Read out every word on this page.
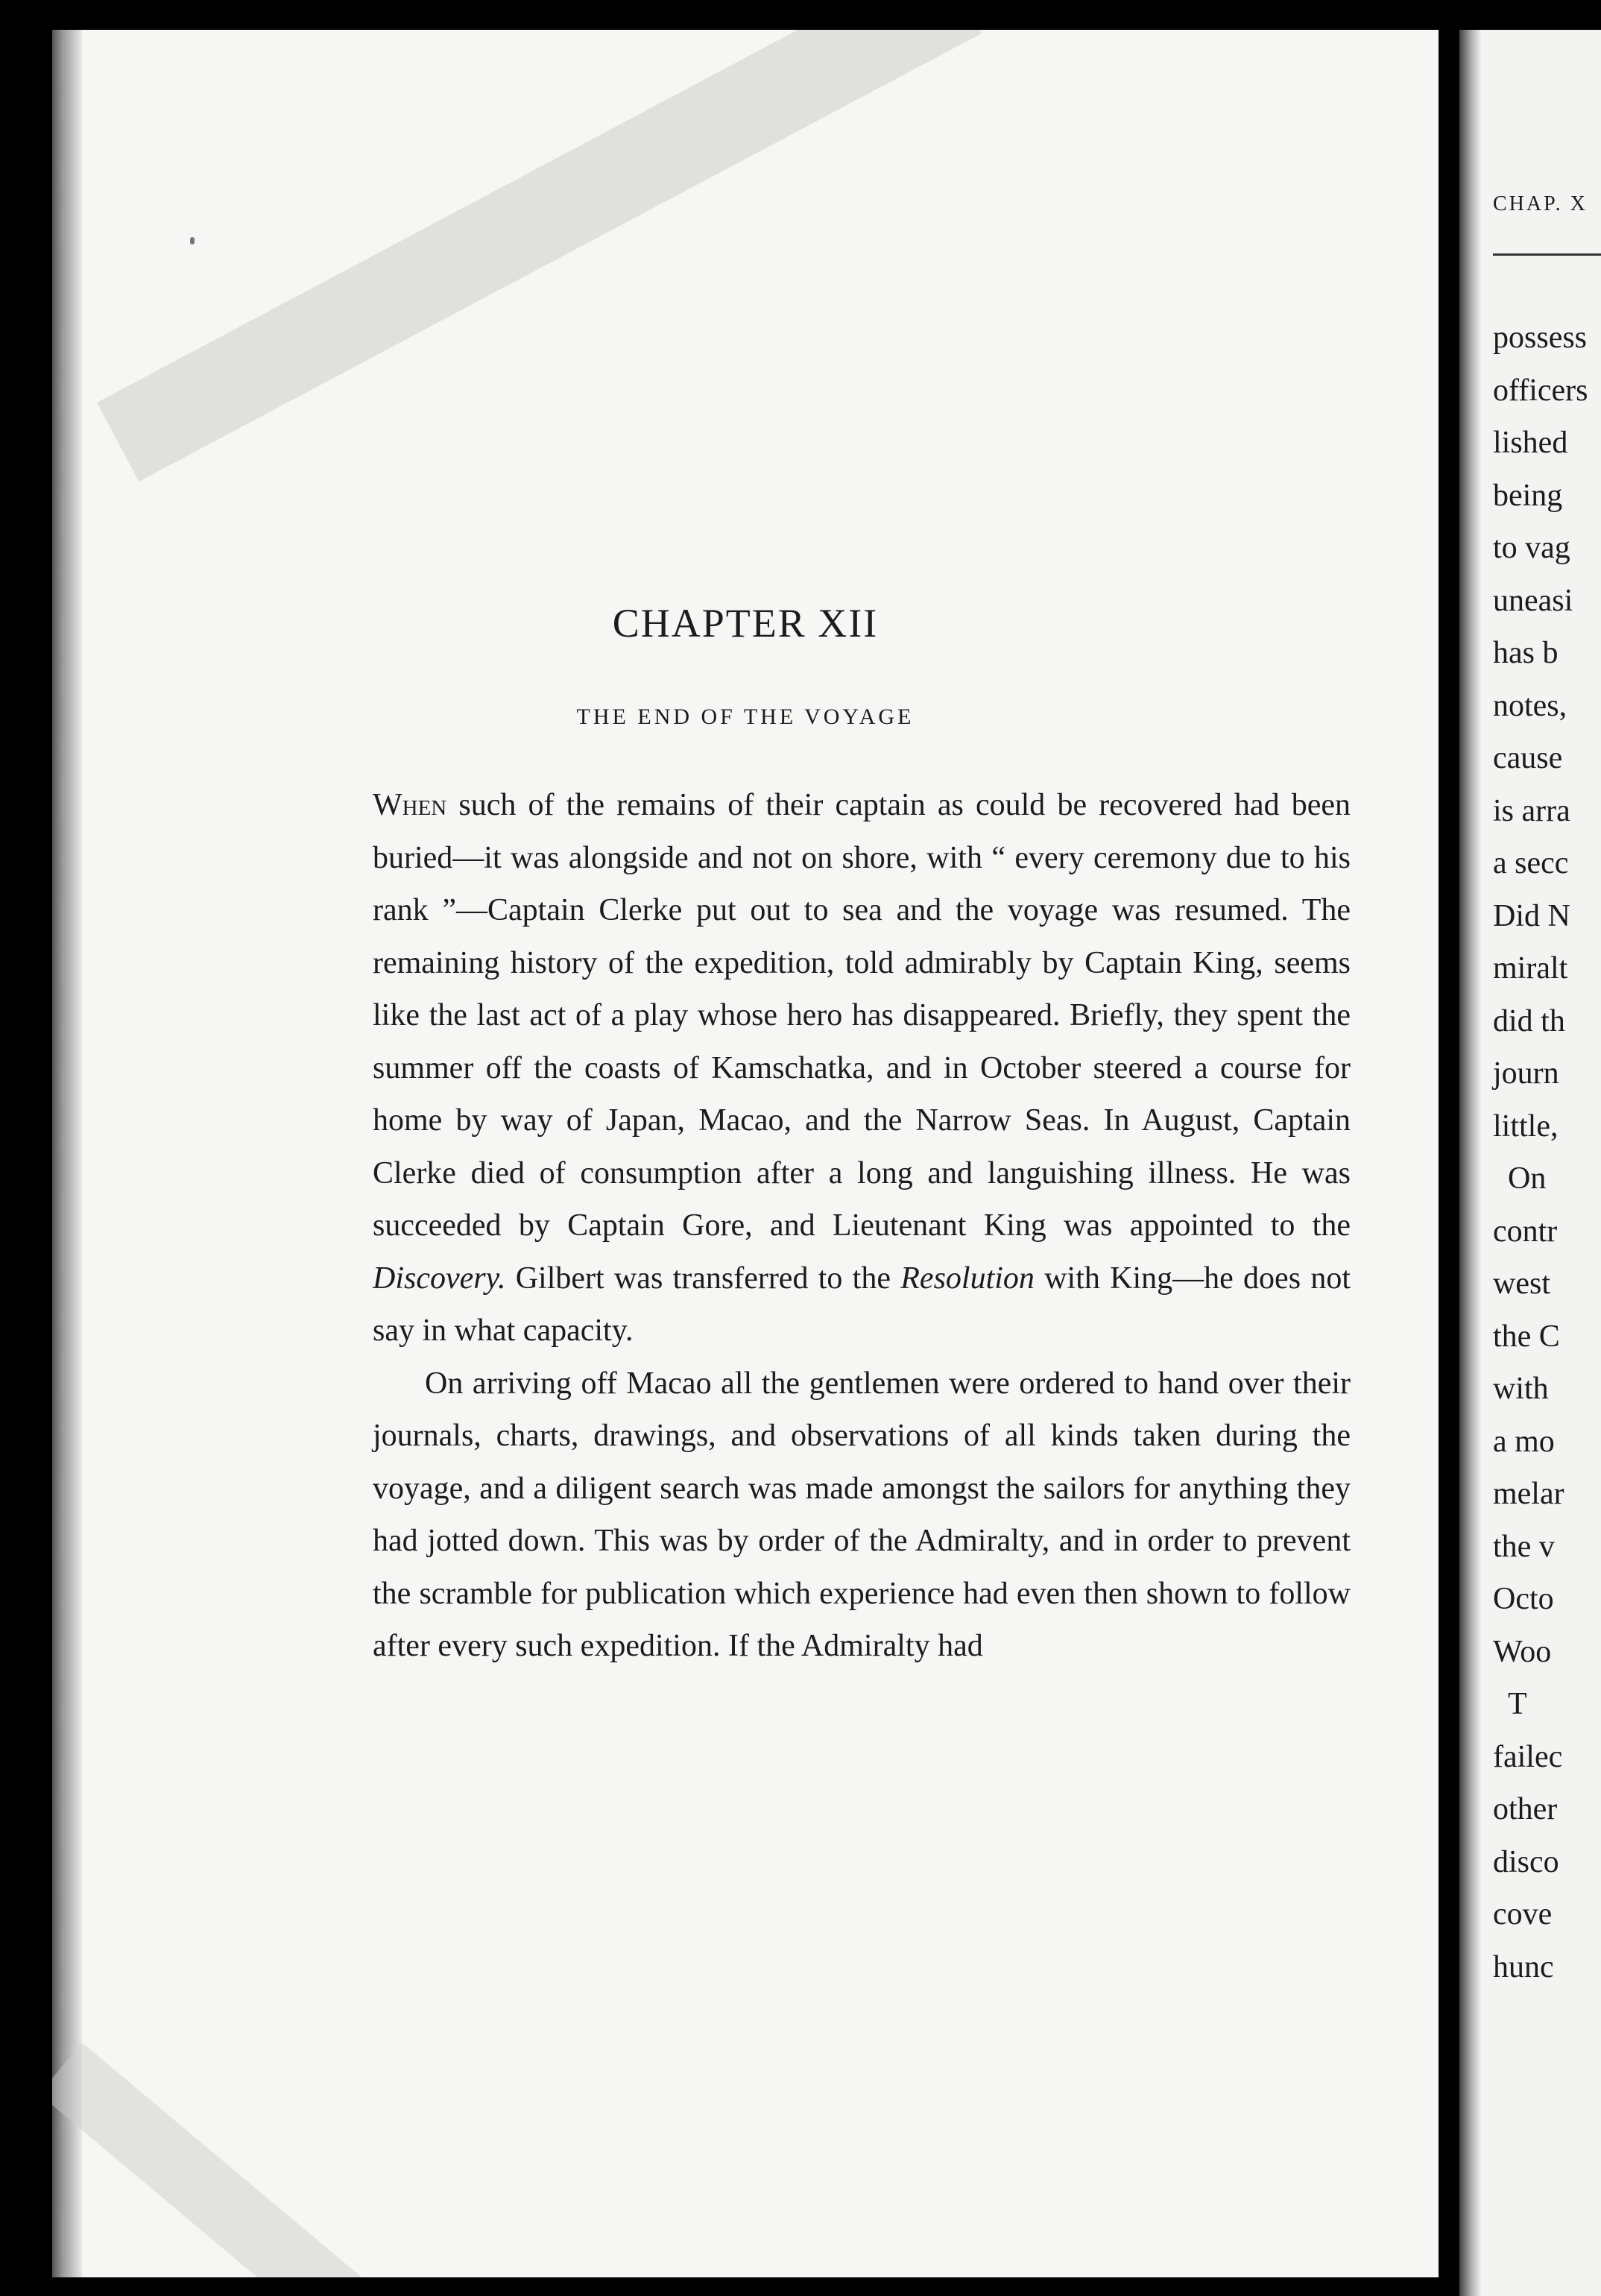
CHAPTER XII
THE END OF THE VOYAGE

When such of the remains of their captain as could be recovered had been buried—it was alongside and not on shore, with “ every ceremony due to his rank ”—Captain Clerke put out to sea and the voyage was resumed. The remaining history of the expedition, told admirably by Captain King, seems like the last act of a play whose hero has disappeared. Briefly, they spent the summer off the coasts of Kamschatka, and in October steered a course for home by way of Japan, Macao, and the Narrow Seas. In August, Captain Clerke died of consumption after a long and languishing illness. He was succeeded by Captain Gore, and Lieutenant King was appointed to the Discovery. Gilbert was transferred to the Resolution with King—he does not say in what capacity.

On arriving off Macao all the gentlemen were ordered to hand over their journals, charts, drawings, and observations of all kinds taken during the voyage, and a diligent search was made amongst the sailors for anything they had jotted down. This was by order of the Admiralty, and in order to prevent the scramble for publication which experience had even then shown to follow after every such expedition. If the Admiralty had

CHAP. X
possess
officers
lished
being
to vag
uneasi
has b
notes,
cause
is arra
a secc
Did N
miralt
did th
journ
little,
On
contr
west
the C
with
a mo
melar
the v
Octo
Woo
T
failec
other
disco
cove
hunc
